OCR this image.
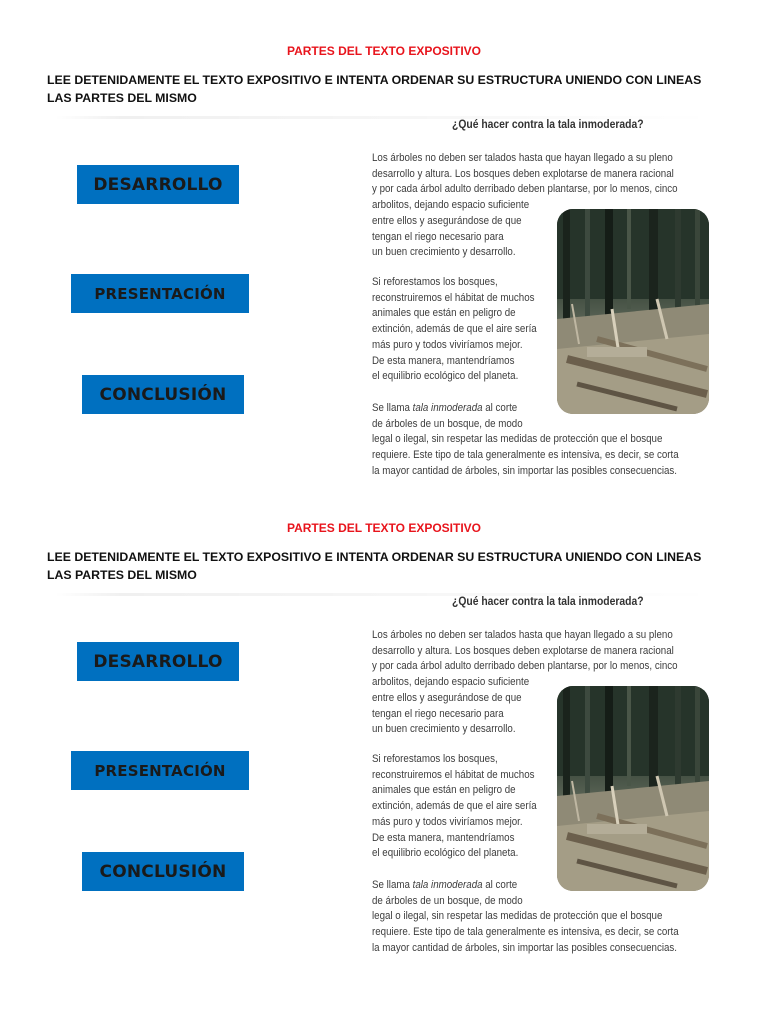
PARTES DEL TEXTO EXPOSITIVO
LEE DETENIDAMENTE EL TEXTO EXPOSITIVO E INTENTA ORDENAR SU ESTRUCTURA UNIENDO CON LINEAS LAS PARTES DEL MISMO
DESARROLLO
PRESENTACIÓN
CONCLUSIÓN
¿Qué hacer contra la tala inmoderada?
Los árboles no deben ser talados hasta que hayan llegado a su pleno
desarrollo y altura. Los bosques deben explotarse de manera racional
y por cada árbol adulto derribado deben plantarse, por lo menos, cinco
arbolitos, dejando espacio suficiente
entre ellos y asegurándose de que
tengan el riego necesario para
un buen crecimiento y desarrollo.
Si reforestamos los bosques,
reconstruiremos el hábitat de muchos
animales que están en peligro de
extinción, además de que el aire sería
más puro y todos viviríamos mejor.
De esta manera, mantendríamos
el equilibrio ecológico del planeta.
Se llama tala inmoderada al corte
de árboles de un bosque, de modo
legal o ilegal, sin respetar las medidas de protección que el bosque
requiere. Este tipo de tala generalmente es intensiva, es decir, se corta
la mayor cantidad de árboles, sin importar las posibles consecuencias.
PARTES DEL TEXTO EXPOSITIVO
LEE DETENIDAMENTE EL TEXTO EXPOSITIVO E INTENTA ORDENAR SU ESTRUCTURA UNIENDO CON LINEAS LAS PARTES DEL MISMO
DESARROLLO
PRESENTACIÓN
CONCLUSIÓN
¿Qué hacer contra la tala inmoderada?
Los árboles no deben ser talados hasta que hayan llegado a su pleno
desarrollo y altura. Los bosques deben explotarse de manera racional
y por cada árbol adulto derribado deben plantarse, por lo menos, cinco
arbolitos, dejando espacio suficiente
entre ellos y asegurándose de que
tengan el riego necesario para
un buen crecimiento y desarrollo.
Si reforestamos los bosques,
reconstruiremos el hábitat de muchos
animales que están en peligro de
extinción, además de que el aire sería
más puro y todos viviríamos mejor.
De esta manera, mantendríamos
el equilibrio ecológico del planeta.
Se llama tala inmoderada al corte
de árboles de un bosque, de modo
legal o ilegal, sin respetar las medidas de protección que el bosque
requiere. Este tipo de tala generalmente es intensiva, es decir, se corta
la mayor cantidad de árboles, sin importar las posibles consecuencias.
